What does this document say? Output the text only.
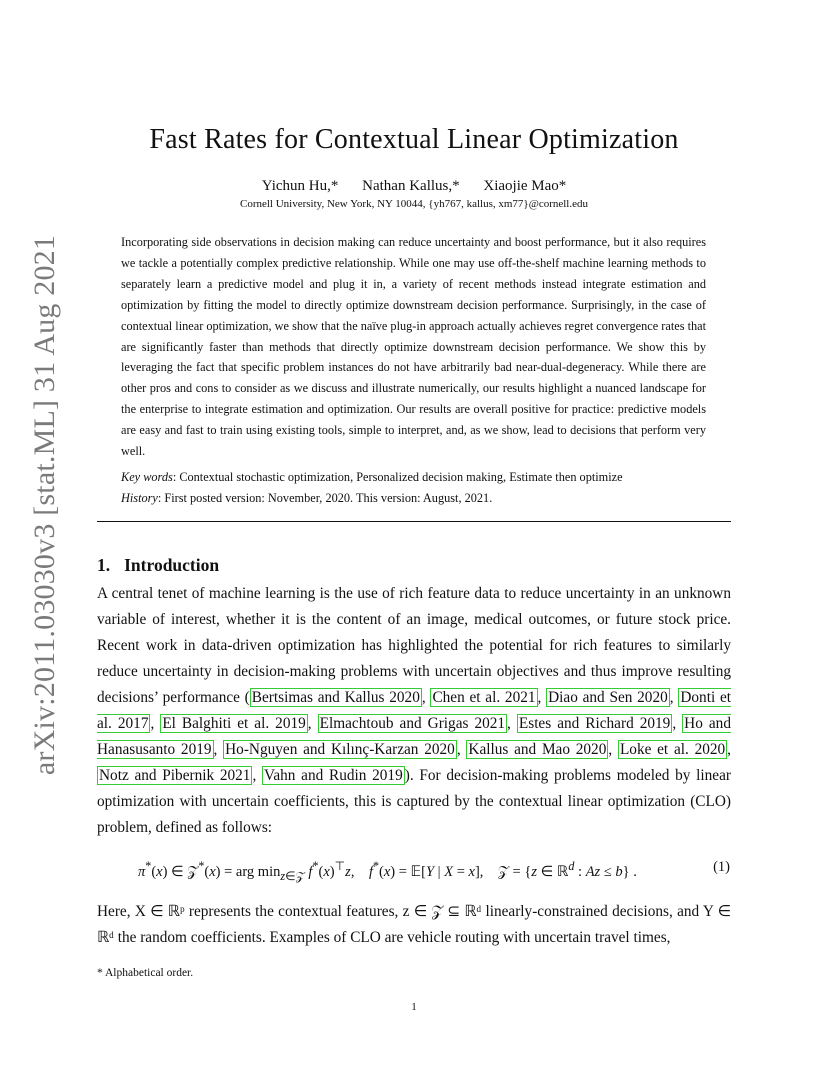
arXiv:2011.03030v3 [stat.ML] 31 Aug 2021
Fast Rates for Contextual Linear Optimization
Yichun Hu,* Nathan Kallus,* Xiaojie Mao*
Cornell University, New York, NY 10044, {yh767, kallus, xm77}@cornell.edu
Incorporating side observations in decision making can reduce uncertainty and boost performance, but it also requires we tackle a potentially complex predictive relationship. While one may use off-the-shelf machine learning methods to separately learn a predictive model and plug it in, a variety of recent methods instead integrate estimation and optimization by fitting the model to directly optimize downstream decision performance. Surprisingly, in the case of contextual linear optimization, we show that the naïve plug-in approach actually achieves regret convergence rates that are significantly faster than methods that directly optimize downstream decision performance. We show this by leveraging the fact that specific problem instances do not have arbitrarily bad near-dual-degeneracy. While there are other pros and cons to consider as we discuss and illustrate numerically, our results highlight a nuanced landscape for the enterprise to integrate estimation and optimization. Our results are overall positive for practice: predictive models are easy and fast to train using existing tools, simple to interpret, and, as we show, lead to decisions that perform very well.
Key words: Contextual stochastic optimization, Personalized decision making, Estimate then optimize
History: First posted version: November, 2020. This version: August, 2021.
1. Introduction
A central tenet of machine learning is the use of rich feature data to reduce uncertainty in an unknown variable of interest, whether it is the content of an image, medical outcomes, or future stock price. Recent work in data-driven optimization has highlighted the potential for rich features to similarly reduce uncertainty in decision-making problems with uncertain objectives and thus improve resulting decisions’ performance ( Bertsimas and Kallus 2020 , Chen et al. 2021 , Diao and Sen 2020 , Donti et al. 2017 , El Balghiti et al. 2019 , Elmachtoub and Grigas 2021 , Estes and Richard 2019 , Ho and Hanasusanto 2019 , Ho-Nguyen and Kılınç-Karzan 2020 , Kallus and Mao 2020 , Loke et al. 2020 , Notz and Pibernik 2021 , Vahn and Rudin 2019 ). For decision-making problems modeled by linear optimization with uncertain coefficients, this is captured by the contextual linear optimization (CLO) problem, defined as follows:
π*(x) ∈ 𝒵*(x) = arg $\min_{z\in 𝒵} f^*(x)^⊤z$,    f*(x) = 𝔼[Y | X = x],    𝒵 = {z ∈ ℝ$^d$ : Az ≤ b} .	(1)
Here, X ∈ ℝᵖ represents the contextual features, z ∈ 𝒵 ⊆ ℝᵈ linearly-constrained decisions, and Y ∈ ℝᵈ the random coefficients. Examples of CLO are vehicle routing with uncertain travel times,
* Alphabetical order.
1
